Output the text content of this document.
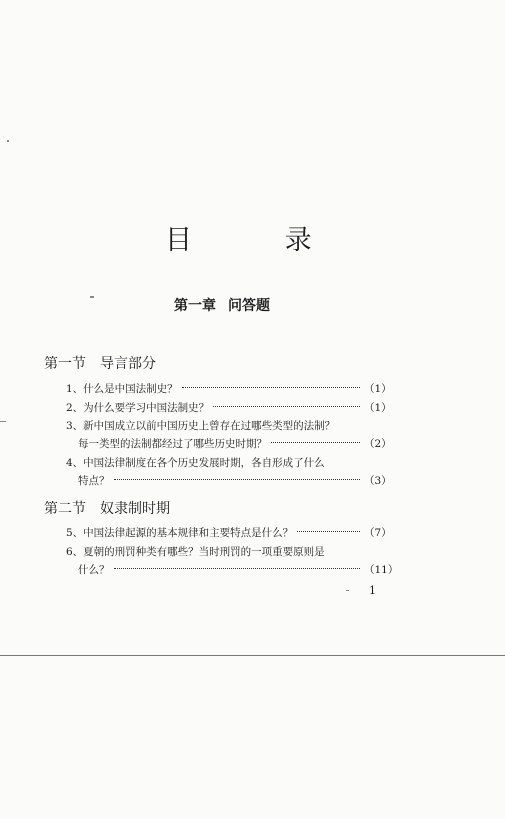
目 录
第一章 问答题
第一节 导言部分
1、什么是中国法制史？	（1）
2、为什么要学习中国法制史？	（1）
3、新中国成立以前中国历史上曾存在过哪些类型的法制？
每一类型的法制都经过了哪些历史时期？	（2）
4、中国法律制度在各个历史发展时期，各自形成了什么
特点？	（3）
第二节 奴隶制时期
5、中国法律起源的基本规律和主要特点是什么？	（7）
6、夏朝的刑罚种类有哪些？当时刑罚的一项重要原则是
什么？	（11）
1
